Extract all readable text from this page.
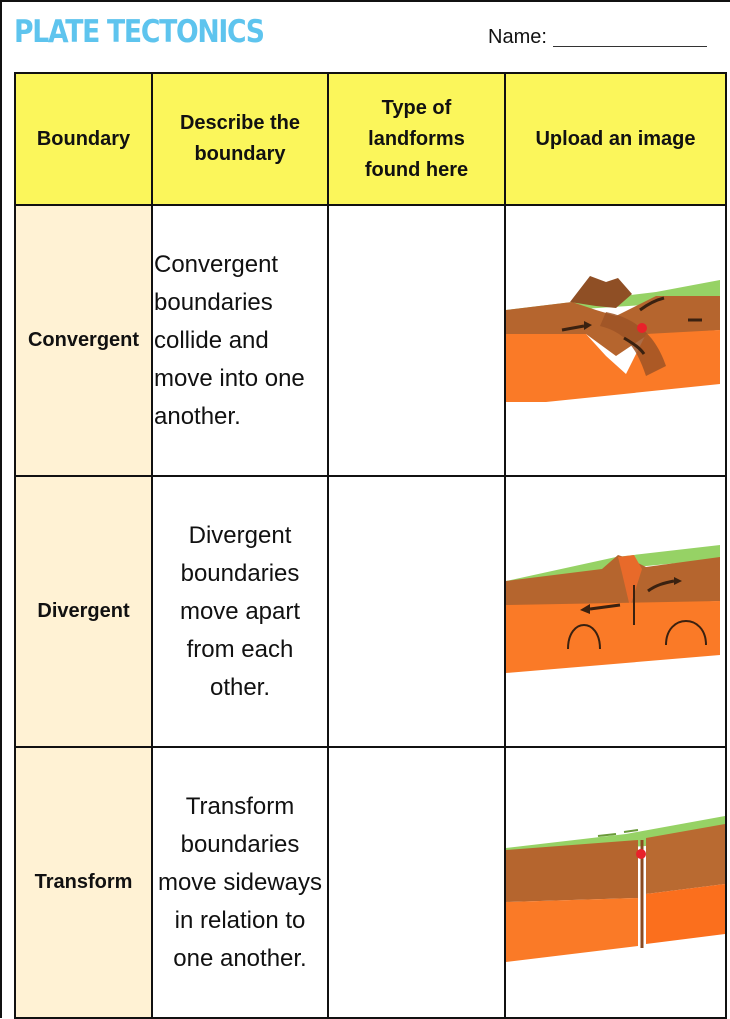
PLATE TECTONICS	Name:
Boundary	Describe the boundary	Type of landforms found here	Upload an image
Convergent	Convergent boundaries collide and move into one another.

Divergent	Divergent boundaries move apart from each other.

Transform	Transform boundaries move sideways in relation to one another.
